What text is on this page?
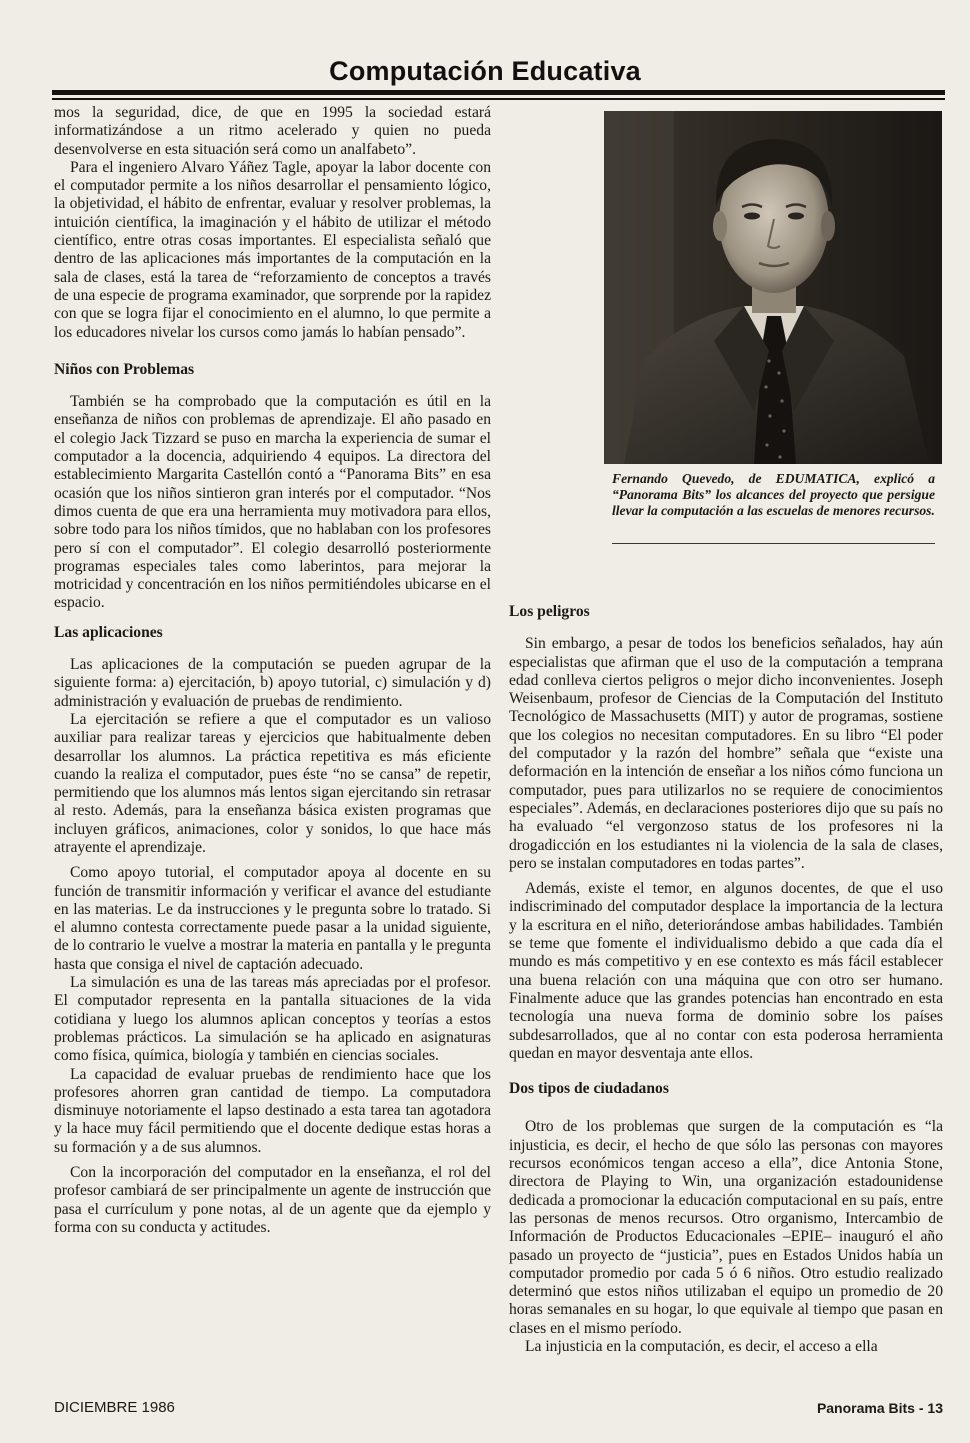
Computación Educativa

mos la seguridad, dice, de que en 1995 la sociedad estará informatizándose a un ritmo acelerado y quien no pueda desenvolverse en esta situación será como un analfabeto”.

Para el ingeniero Alvaro Yáñez Tagle, apoyar la labor docente con el computador permite a los niños desarrollar el pensamiento lógico, la objetividad, el hábito de enfrentar, evaluar y resolver problemas, la intuición científica, la imaginación y el hábito de utilizar el método científico, entre otras cosas importantes. El especialista señaló que dentro de las aplicaciones más importantes de la computación en la sala de clases, está la tarea de “reforzamiento de conceptos a través de una especie de programa examinador, que sorprende por la rapidez con que se logra fijar el conocimiento en el alumno, lo que permite a los educadores nivelar los cursos como jamás lo habían pensado”.

Niños con Problemas

También se ha comprobado que la computación es útil en la enseñanza de niños con problemas de aprendizaje. El año pasado en el colegio Jack Tizzard se puso en marcha la experiencia de sumar el computador a la docencia, adquiriendo 4 equipos. La directora del establecimiento Margarita Castellón contó a “Panorama Bits” en esa ocasión que los niños sintieron gran interés por el computador. “Nos dimos cuenta de que era una herramienta muy motivadora para ellos, sobre todo para los niños tímidos, que no hablaban con los profesores pero sí con el computador”. El colegio desarrolló posteriormente programas especiales tales como laberintos, para mejorar la motricidad y concentración en los niños permitiéndoles ubicarse en el espacio.

Las aplicaciones

Las aplicaciones de la computación se pueden agrupar de la siguiente forma: a) ejercitación, b) apoyo tutorial, c) simulación y d) administración y evaluación de pruebas de rendimiento.

La ejercitación se refiere a que el computador es un valioso auxiliar para realizar tareas y ejercicios que habitualmente deben desarrollar los alumnos. La práctica repetitiva es más eficiente cuando la realiza el computador, pues éste “no se cansa” de repetir, permitiendo que los alumnos más lentos sigan ejercitando sin retrasar al resto. Además, para la enseñanza básica existen programas que incluyen gráficos, animaciones, color y sonidos, lo que hace más atrayente el aprendizaje.

Como apoyo tutorial, el computador apoya al docente en su función de transmitir información y verificar el avance del estudiante en las materias. Le da instrucciones y le pregunta sobre lo tratado. Si el alumno contesta correctamente puede pasar a la unidad siguiente, de lo contrario le vuelve a mostrar la materia en pantalla y le pregunta hasta que consiga el nivel de captación adecuado.

La simulación es una de las tareas más apreciadas por el profesor. El computador representa en la pantalla situaciones de la vida cotidiana y luego los alumnos aplican conceptos y teorías a estos problemas prácticos. La simulación se ha aplicado en asignaturas como física, química, biología y también en ciencias sociales.

La capacidad de evaluar pruebas de rendimiento hace que los profesores ahorren gran cantidad de tiempo. La computadora disminuye notoriamente el lapso destinado a esta tarea tan agotadora y la hace muy fácil permitiendo que el docente dedique estas horas a su formación y a de sus alumnos.

Con la incorporación del computador en la enseñanza, el rol del profesor cambiará de ser principalmente un agente de instrucción que pasa el currículum y pone notas, al de un agente que da ejemplo y forma con su conducta y actitudes.

Fernando Quevedo, de EDUMATICA, explicó a “Panorama Bits” los alcances del proyecto que persigue llevar la computación a las escuelas de menores recursos.
Los peligros

Sin embargo, a pesar de todos los beneficios señalados, hay aún especialistas que afirman que el uso de la computación a temprana edad conlleva ciertos peligros o mejor dicho inconvenientes. Joseph Weisenbaum, profesor de Ciencias de la Computación del Instituto Tecnológico de Massachusetts (MIT) y autor de programas, sostiene que los colegios no necesitan computadores. En su libro “El poder del computador y la razón del hombre” señala que “existe una deformación en la intención de enseñar a los niños cómo funciona un computador, pues para utilizarlos no se requiere de conocimientos especiales”. Además, en declaraciones posteriores dijo que su país no ha evaluado “el vergonzoso status de los profesores ni la drogadicción en los estudiantes ni la violencia de la sala de clases, pero se instalan computadores en todas partes”.

Además, existe el temor, en algunos docentes, de que el uso indiscriminado del computador desplace la importancia de la lectura y la escritura en el niño, deteriorándose ambas habilidades. También se teme que fomente el individualismo debido a que cada día el mundo es más competitivo y en ese contexto es más fácil establecer una buena relación con una máquina que con otro ser humano. Finalmente aduce que las grandes potencias han encontrado en esta tecnología una nueva forma de dominio sobre los países subdesarrollados, que al no contar con esta poderosa herramienta quedan en mayor desventaja ante ellos.

Dos tipos de ciudadanos

Otro de los problemas que surgen de la computación es “la injusticia, es decir, el hecho de que sólo las personas con mayores recursos económicos tengan acceso a ella”, dice Antonia Stone, directora de Playing to Win, una organización estadounidense dedicada a promocionar la educación computacional en su país, entre las personas de menos recursos. Otro organismo, Intercambio de Información de Productos Educacionales –EPIE– inauguró el año pasado un proyecto de “justicia”, pues en Estados Unidos había un computador promedio por cada 5 ó 6 niños. Otro estudio realizado determinó que estos niños utilizaban el equipo un promedio de 20 horas semanales en su hogar, lo que equivale al tiempo que pasan en clases en el mismo período.

La injusticia en la computación, es decir, el acceso a ella

DICIEMBRE 1986	Panorama Bits - 13
